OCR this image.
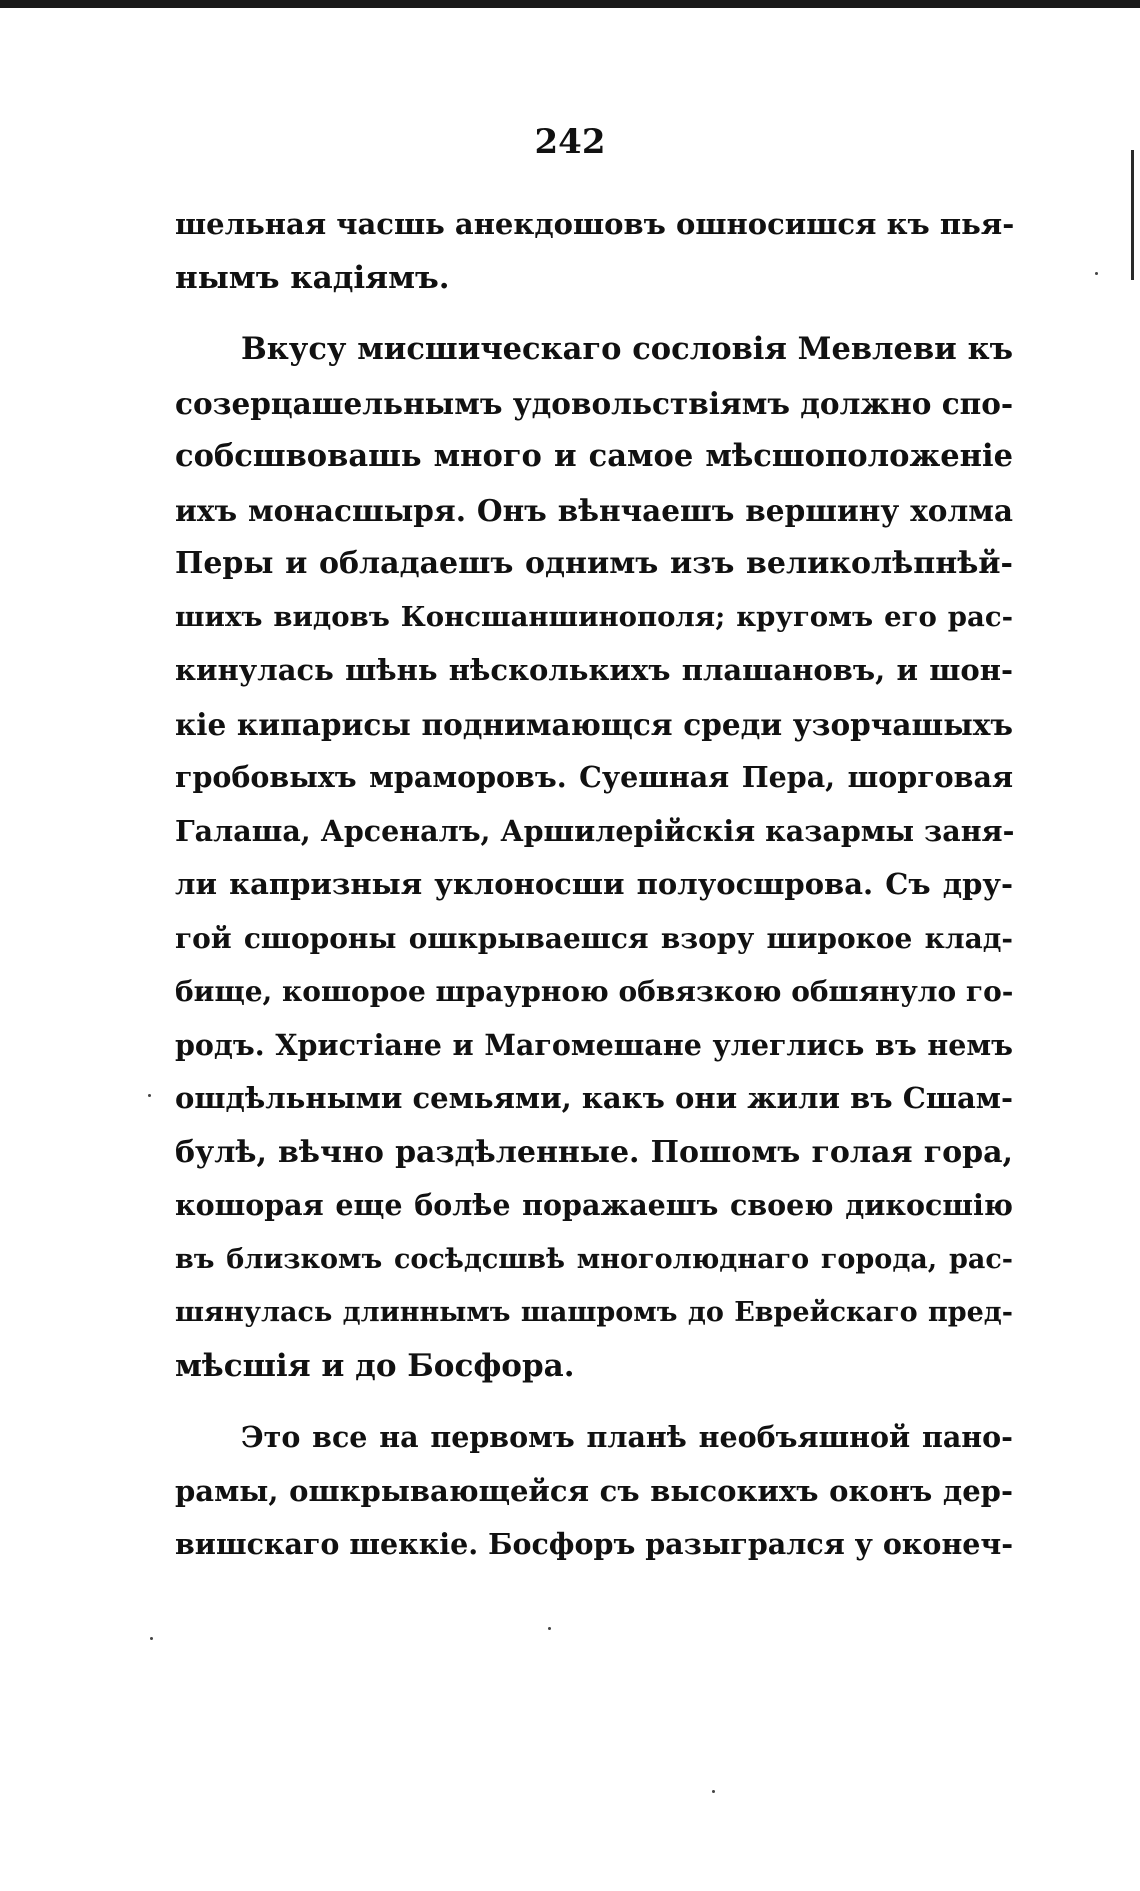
242
шельная часшь анекдошовъ ошносишся къ пья-
нымъ кадіямъ.
Вкусу мисшическаго сословія Мевлеви къ
созерцашельнымъ удовольствіямъ должно спо-
собсшвовашь много и самое мѣсшоположеніе
ихъ монасшыря. Онъ вѣнчаешъ вершину холма
Перы и обладаешъ однимъ изъ великолѣпнѣй-
шихъ видовъ Консшаншинополя; кругомъ его рас-
кинулась шѣнь нѣсколькихъ плашановъ, и шон-
кіе кипарисы поднимающся среди узорчашыхъ
гробовыхъ мраморовъ. Суешная Пера, шорговая
Галаша, Арсеналъ, Аршилерійскія казармы заня-
ли капризныя уклоносши полуосшрова. Съ дру-
гой сшороны ошкрываешся взору широкое клад-
бище, кошорое шраурною обвязкою обшянуло го-
родъ. Христіане и Магомешане улеглись въ немъ
ошдѣльными семьями, какъ они жили въ Сшам-
булѣ, вѣчно раздѣленные. Пошомъ голая гора,
кошорая еще болѣе поражаешъ своею дикосшію
въ близкомъ сосѣдсшвѣ многолюднаго города, рас-
шянулась длиннымъ шашромъ до Еврейскаго пред-
мѣсшія и до Босфора.
Это все на первомъ планѣ необъяшной пано-
рамы, ошкрывающейся съ высокихъ оконъ дер-
вишскаго шеккіе. Босфоръ разыгрался у оконеч-
